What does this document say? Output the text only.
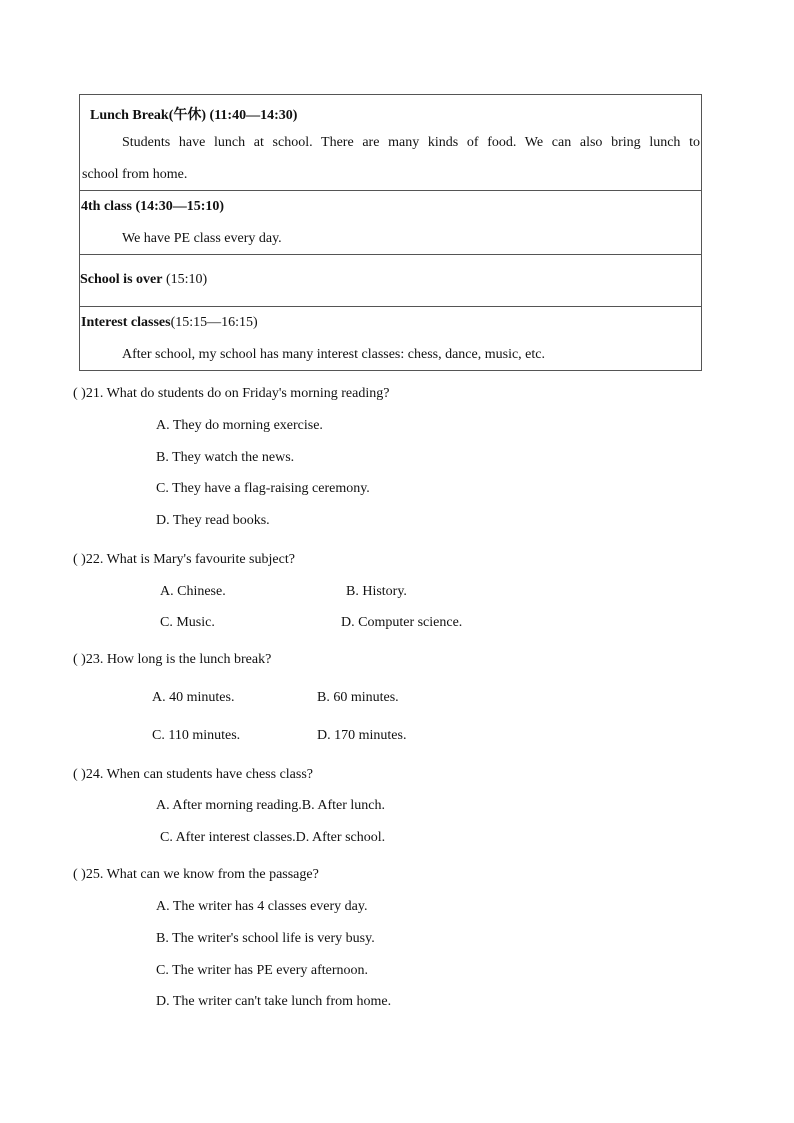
Lunch Break(午休) (11:40—14:30)
Students have lunch at school. There are many kinds of food. We can also bring lunch to
school from home.
4th class (14:30—15:10)
We have PE class every day.
School is over (15:10)
Interest classes(15:15—16:15)
After school, my school has many interest classes: chess, dance, music, etc.
( )21. What do students do on Friday's morning reading?
A. They do morning exercise.
B. They watch the news.
C. They have a flag-raising ceremony.
D. They read books.
( )22. What is Mary's favourite subject?
A. Chinese.	B. History.
C. Music.	D. Computer science.
( )23. How long is the lunch break?
A. 40 minutes.	B. 60 minutes.
C. 110 minutes.	D. 170 minutes.
( )24. When can students have chess class?
A. After morning reading.B. After lunch.
C. After interest classes.D. After school.
( )25. What can we know from the passage?
A. The writer has 4 classes every day.
B. The writer's school life is very busy.
C. The writer has PE every afternoon.
D. The writer can't take lunch from home.
